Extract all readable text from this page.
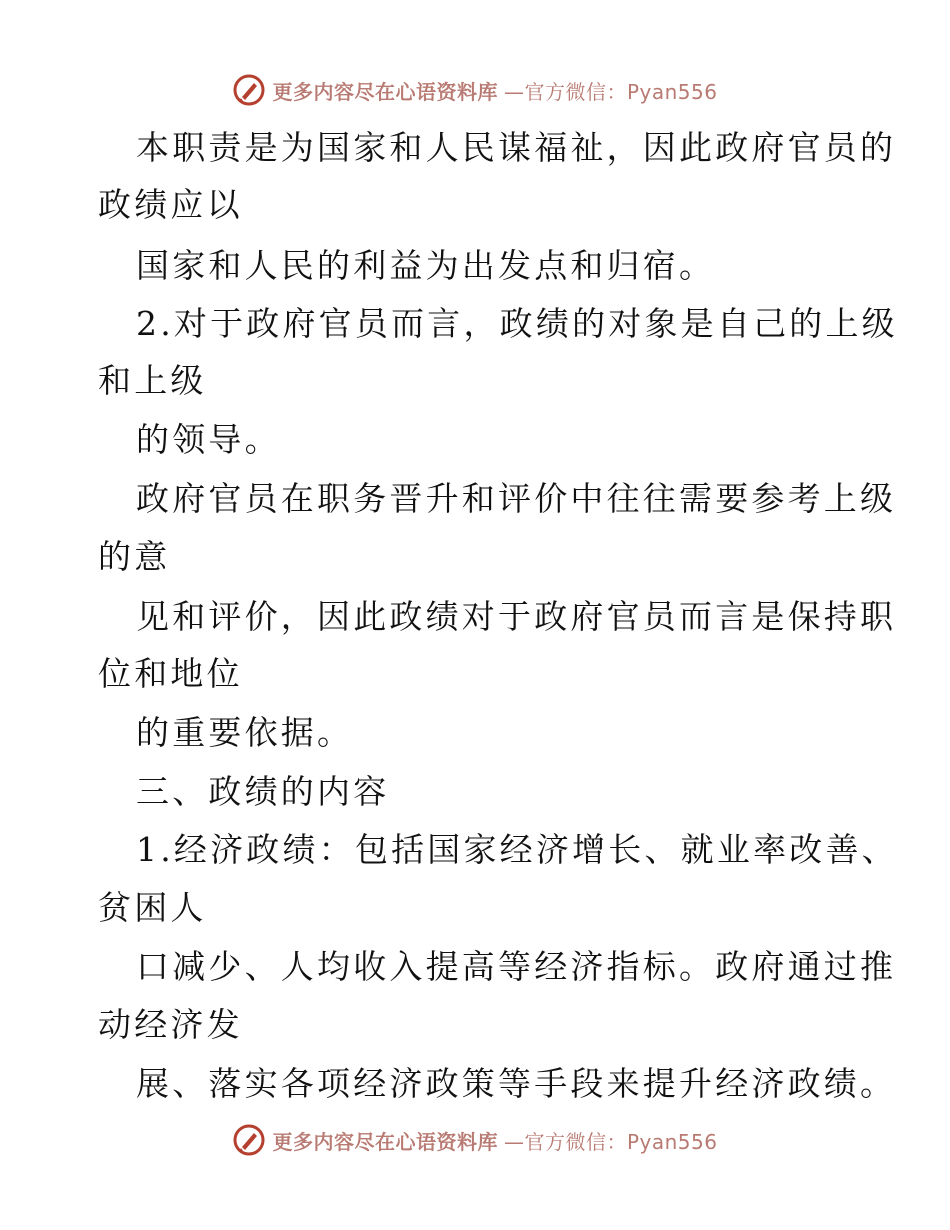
更多内容尽在心语资料库 —官方微信：Pyan556
本职责是为国家和人民谋福祉，因此政府官员的
政绩应以
国家和人民的利益为出发点和归宿。
2.对于政府官员而言，政绩的对象是自己的上级
和上级
的领导。
政府官员在职务晋升和评价中往往需要参考上级
的意
见和评价，因此政绩对于政府官员而言是保持职
位和地位
的重要依据。
三、政绩的内容
1.经济政绩：包括国家经济增长、就业率改善、
贫困人
口减少、人均收入提高等经济指标。政府通过推
动经济发
展、落实各项经济政策等手段来提升经济政绩。
更多内容尽在心语资料库 —官方微信：Pyan556
